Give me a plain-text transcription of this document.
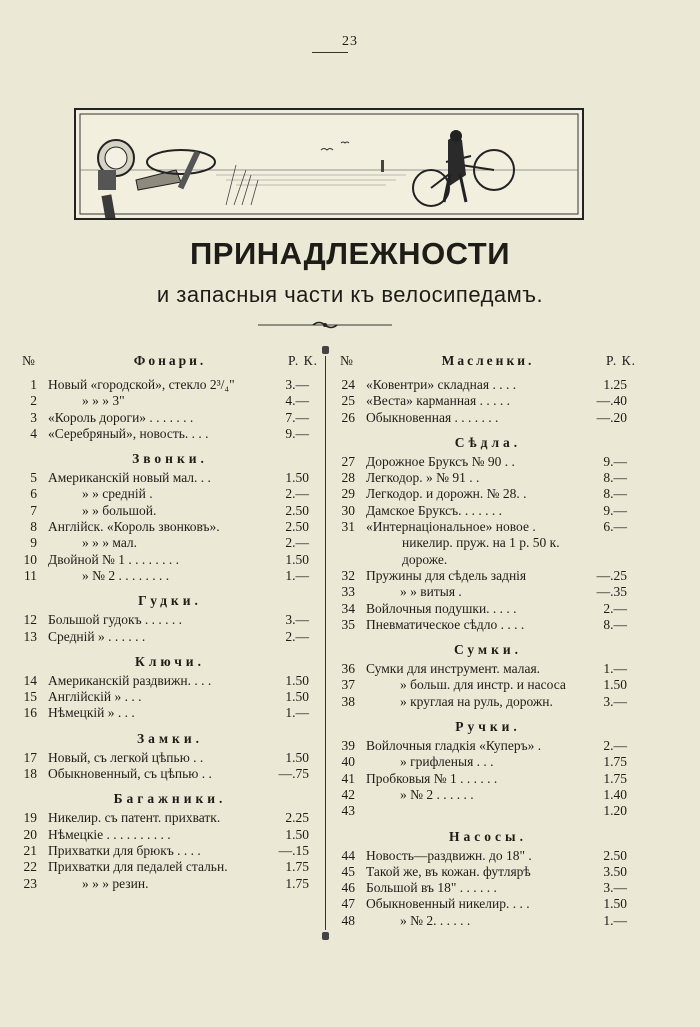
23
ПРИНАДЛЕЖНОСТИ
и запасныя части къ велосипедамъ.
№	Фонари.	Р. К.
1 Новый «городской», стекло 2³/₄"	3.—
2	» » » 3"	4.—
3 «Король дороги» . . . . . . .	7.—
4 «Серебряный», новость. . . .	9.—
Звонки.
5 Американскій новый мал. . .	1.50
6	» » средній .	2.—
7	» » большой.	2.50
8 Англійск. «Король звонковъ».	2.50
9	» » » мал.	2.—
10 Двойной № 1 . . . . . . . .	1.50
11	» № 2 . . . . . . . .	1.—
Гудки.
12 Большой гудокъ . . . . . .	3.—
13 Средній » . . . . . .	2.—
Ключи.
14 Американскій раздвижн. . . .	1.50
15 Англійскій » . . .	1.50
16 Нѣмецкій » . . .	1.—
Замки.
17 Новый, съ легкой цѣпью . .	1.50
18 Обыкновенный, съ цѣпью . .	—.75
Багажники.
19 Никелир. съ патент. прихватк.	2.25
20 Нѣмецкіе . . . . . . . . . .	1.50
21 Прихватки для брюкъ . . . .	—.15
22 Прихватки для педалей стальн.	1.75
23	» » » резин.	1.75
№	Масленки.	Р. К.
24 «Ковентри» складная . . . .	1.25
25 «Веста» карманная . . . . .	—.40
26 Обыкновенная . . . . . . .	—.20
Сѣдла.
27 Дорожное Бруксъ № 90 . .	9.—
28 Легкодор. » № 91 . .	8.—
29 Легкодор. и дорожн. № 28. .	8.—
30 Дамское Бруксъ. . . . . . .	9.—
31 «Интернаціональное» новое .	6.—
никелир. пруж. на 1 р. 50 к.
дороже.
32 Пружины для сѣдель заднія	—.25
33	» » витыя .	—.35
34 Войлочныя подушки. . . . .	2.—
35 Пневматическое сѣдло . . . .	8.—
Сумки.
36 Сумки для инструмент. малая.	1.—
37	» больш. для инстр. и насоса	1.50
38	» круглая на руль, дорожн.	3.—
Ручки.
39 Войлочныя гладкія «Куперъ» .	2.—
40	» грифленыя . . .	1.75
41 Пробковыя № 1 . . . . . .	1.75
42	» № 2 . . . . . .	1.40
43	1.20
Насосы.
44 Новость—раздвижн. до 18" .	2.50
45 Такой же, въ кожан. футлярѣ	3.50
46 Большой въ 18" . . . . . .	3.—
47 Обыкновенный никелир. . . .	1.50
48	» № 2. . . . . .	1.—
